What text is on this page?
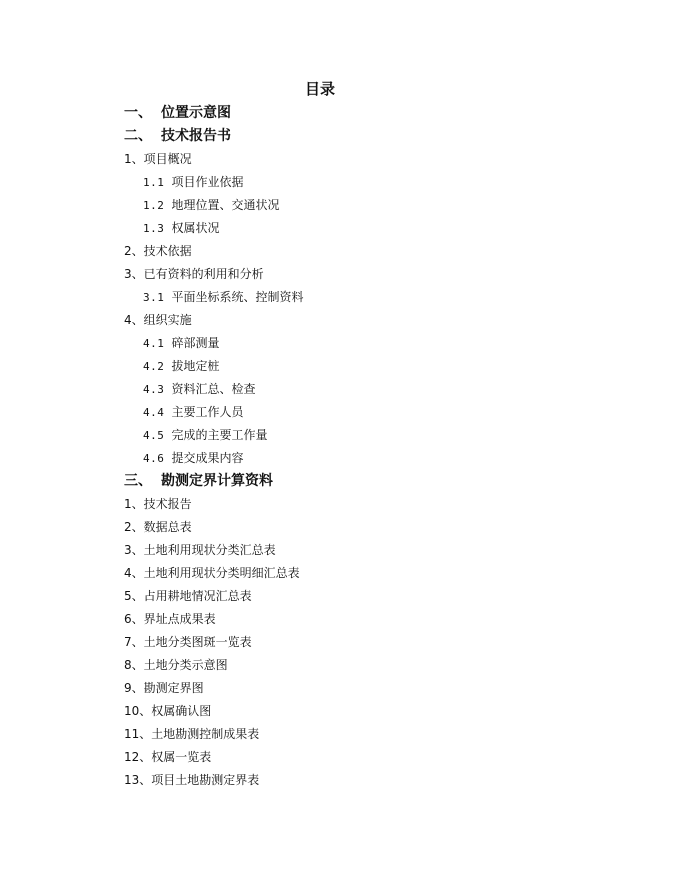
目录
一、 位置示意图
二、 技术报告书
1、项目概况
1.1 项目作业依据
1.2 地理位置、交通状况
1.3 权属状况
2、技术依据
3、已有资料的利用和分析
3.1 平面坐标系统、控制资料
4、组织实施
4.1 碎部测量
4.2 拔地定桩
4.3 资料汇总、检查
4.4 主要工作人员
4.5 完成的主要工作量
4.6 提交成果内容
三、 勘测定界计算资料
1、技术报告
2、数据总表
3、土地利用现状分类汇总表
4、土地利用现状分类明细汇总表
5、占用耕地情况汇总表
6、界址点成果表
7、土地分类图斑一览表
8、土地分类示意图
9、勘测定界图
10、权属确认图
11、土地勘测控制成果表
12、权属一览表
13、项目土地勘测定界表
